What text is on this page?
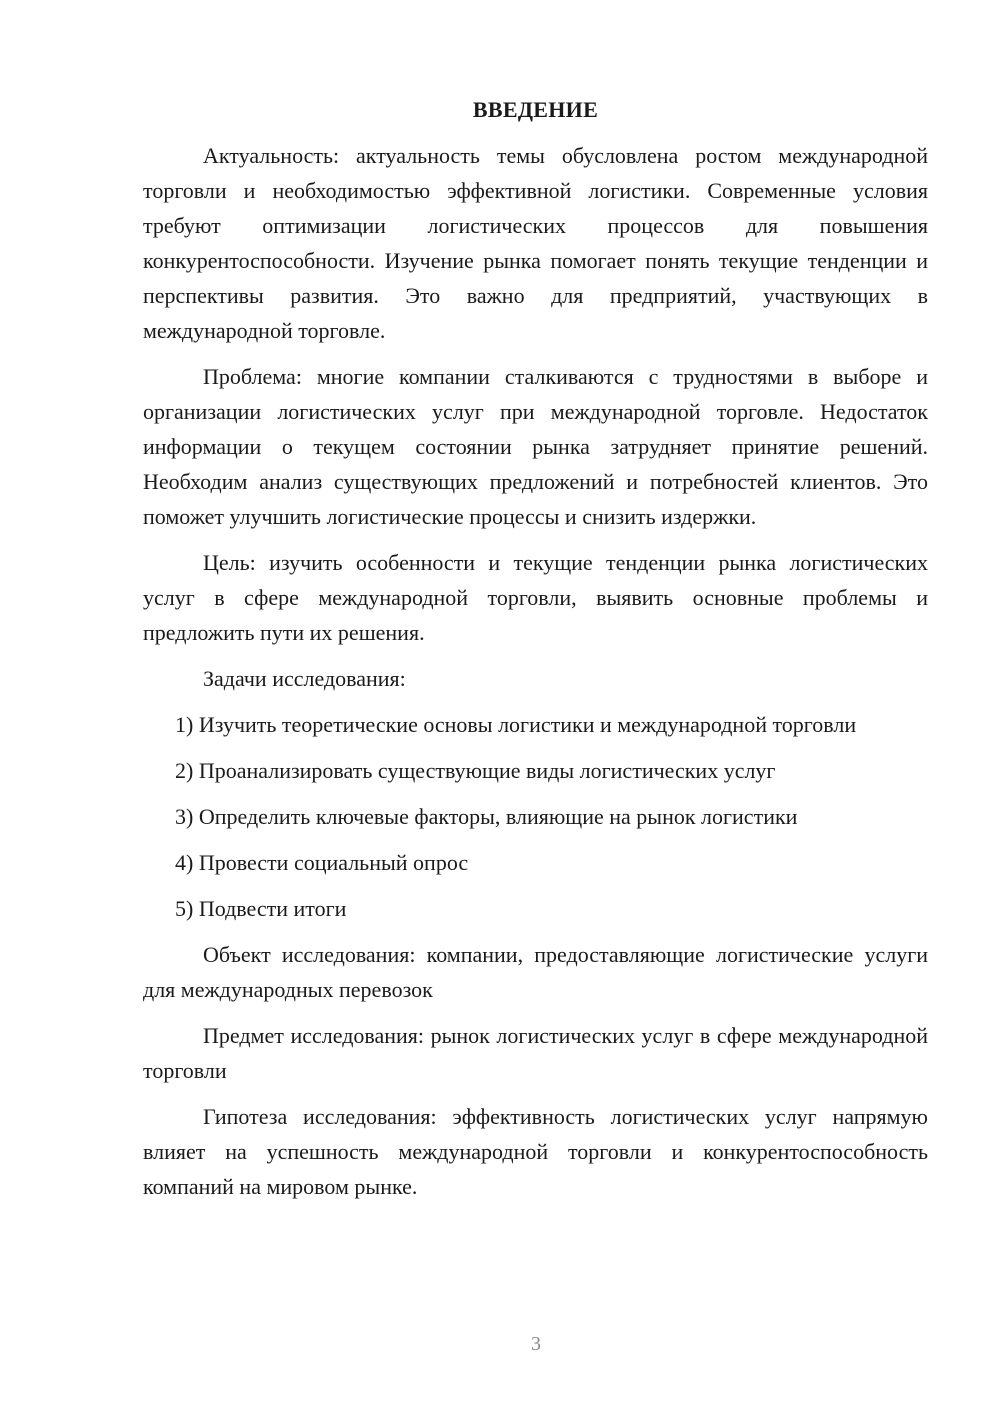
ВВЕДЕНИЕ

Актуальность: актуальность темы обусловлена ростом международной торговли и необходимостью эффективной логистики. Современные условия требуют оптимизации логистических процессов для повышения конкурентоспособности. Изучение рынка помогает понять текущие тенденции и перспективы развития. Это важно для предприятий, участвующих в международной торговле.

Проблема: многие компании сталкиваются с трудностями в выборе и организации логистических услуг при международной торговле. Недостаток информации о текущем состоянии рынка затрудняет принятие решений. Необходим анализ существующих предложений и потребностей клиентов. Это поможет улучшить логистические процессы и снизить издержки.

Цель: изучить особенности и текущие тенденции рынка логистических услуг в сфере международной торговли, выявить основные проблемы и предложить пути их решения.

Задачи исследования:

1) Изучить теоретические основы логистики и международной торговли

2) Проанализировать существующие виды логистических услуг

3) Определить ключевые факторы, влияющие на рынок логистики

4) Провести социальный опрос

5) Подвести итоги

Объект исследования: компании, предоставляющие логистические услуги для международных перевозок

Предмет исследования: рынок логистических услуг в сфере международной торговли

Гипотеза исследования: эффективность логистических услуг напрямую влияет на успешность международной торговли и конкурентоспособность компаний на мировом рынке.

3
